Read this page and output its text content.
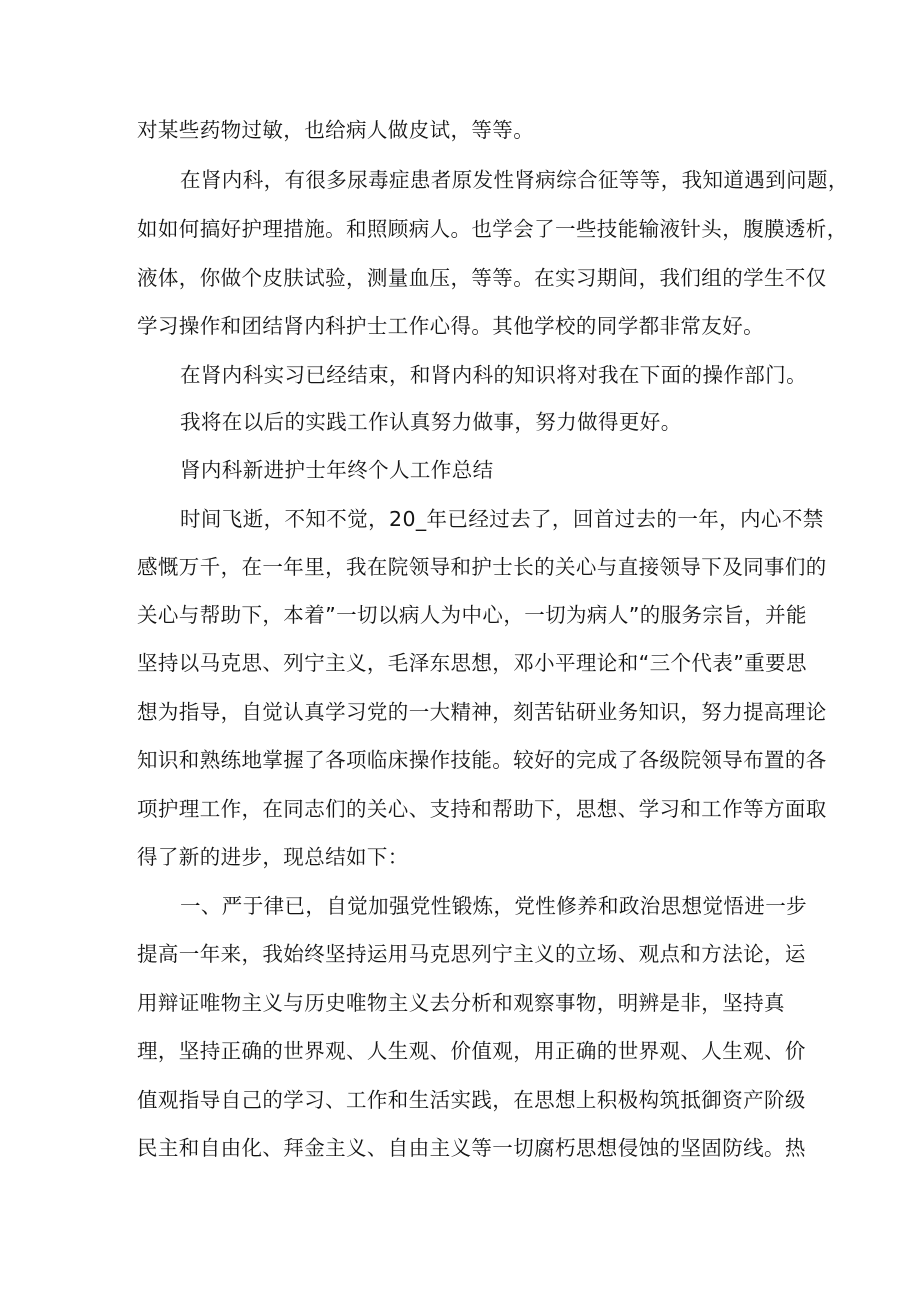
对某些药物过敏，也给病人做皮试，等等。
在肾内科，有很多尿毒症患者原发性肾病综合征等等，我知道遇到问题，
如如何搞好护理措施。和照顾病人。也学会了一些技能输液针头，腹膜透析，
液体，你做个皮肤试验，测量血压，等等。在实习期间，我们组的学生不仅
学习操作和团结肾内科护士工作心得。其他学校的同学都非常友好。
在肾内科实习已经结束，和肾内科的知识将对我在下面的操作部门。
我将在以后的实践工作认真努力做事，努力做得更好。
肾内科新进护士年终个人工作总结
时间飞逝，不知不觉，20_年已经过去了，回首过去的一年，内心不禁
感慨万千，在一年里，我在院领导和护士长的关心与直接领导下及同事们的
关心与帮助下，本着”一切以病人为中心，一切为病人”的服务宗旨，并能
坚持以马克思、列宁主义，毛泽东思想，邓小平理论和“三个代表”重要思
想为指导，自觉认真学习党的一大精神，刻苦钻研业务知识，努力提高理论
知识和熟练地掌握了各项临床操作技能。较好的完成了各级院领导布置的各
项护理工作，在同志们的关心、支持和帮助下，思想、学习和工作等方面取
得了新的进步，现总结如下：
一、严于律已，自觉加强党性锻炼，党性修养和政治思想觉悟进一步
提高一年来，我始终坚持运用马克思列宁主义的立场、观点和方法论，运
用辩证唯物主义与历史唯物主义去分析和观察事物，明辨是非，坚持真
理，坚持正确的世界观、人生观、价值观，用正确的世界观、人生观、价
值观指导自己的学习、工作和生活实践，在思想上积极构筑抵御资产阶级
民主和自由化、拜金主义、自由主义等一切腐朽思想侵蚀的坚固防线。热
